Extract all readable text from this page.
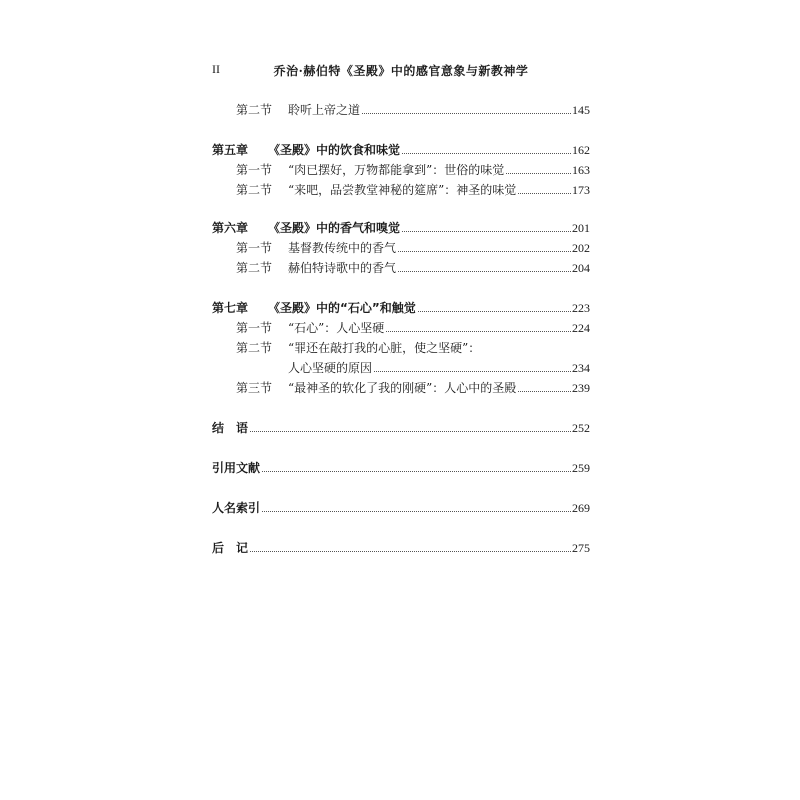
II	乔治·赫伯特《圣殿》中的感官意象与新教神学
第二节	聆听上帝之道	145
第五章	《圣殿》中的饮食和味觉	162
第一节	“肉已摆好，万物都能拿到”：世俗的味觉	163
第二节	“来吧，品尝教堂神秘的筵席”：神圣的味觉	173
第六章	《圣殿》中的香气和嗅觉	201
第一节	基督教传统中的香气	202
第二节	赫伯特诗歌中的香气	204
第七章	《圣殿》中的“石心”和触觉	223
第一节	“石心”：人心坚硬	224
第二节	“罪还在敲打我的心脏，使之坚硬”：
人心坚硬的原因	234
第三节	“最神圣的软化了我的刚硬”：人心中的圣殿	239
结　语	252
引用文献	259
人名索引	269
后　记	275
